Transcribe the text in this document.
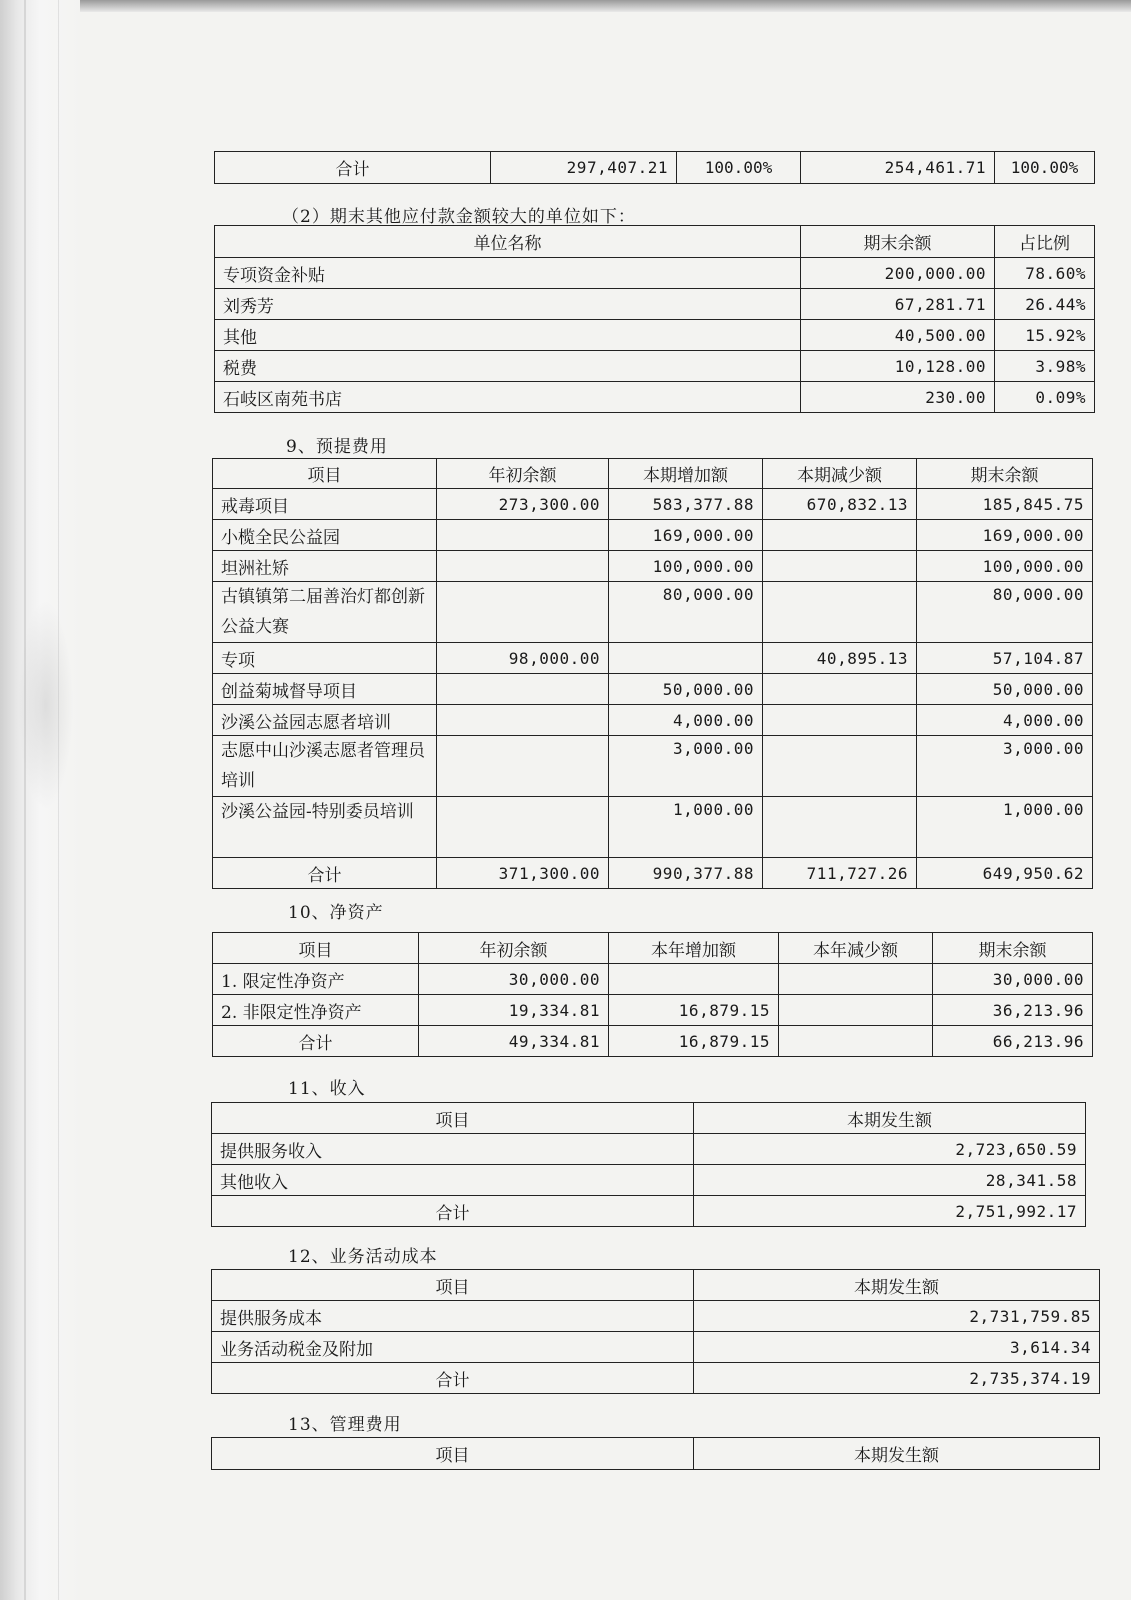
合计	297,407.21	100.00%	254,461.71	100.00%
（2）期末其他应付款金额较大的单位如下：
单位名称	期末余额	占比例
专项资金补贴	200,000.00	78.60%
刘秀芳	67,281.71	26.44%
其他	40,500.00	15.92%
税费	10,128.00	3.98%
石岐区南苑书店	230.00	0.09%
9、预提费用
项目	年初余额	本期增加额	本期减少额	期末余额
戒毒项目	273,300.00	583,377.88	670,832.13	185,845.75
小榄全民公益园		169,000.00		169,000.00
坦洲社矫		100,000.00		100,000.00
古镇镇第二届善治灯都创新公益大赛		80,000.00		80,000.00
专项	98,000.00		40,895.13	57,104.87
创益菊城督导项目		50,000.00		50,000.00
沙溪公益园志愿者培训		4,000.00		4,000.00
志愿中山沙溪志愿者管理员培训		3,000.00		3,000.00
沙溪公益园-特别委员培训		1,000.00		1,000.00
合计	371,300.00	990,377.88	711,727.26	649,950.62
10、净资产
项目	年初余额	本年增加额	本年减少额	期末余额
1. 限定性净资产	30,000.00			30,000.00
2. 非限定性净资产	19,334.81	16,879.15		36,213.96
合计	49,334.81	16,879.15		66,213.96
11、收入
项目	本期发生额
提供服务收入	2,723,650.59
其他收入	28,341.58
合计	2,751,992.17
12、业务活动成本
项目	本期发生额
提供服务成本	2,731,759.85
业务活动税金及附加	3,614.34
合计	2,735,374.19
13、管理费用
项目	本期发生额
